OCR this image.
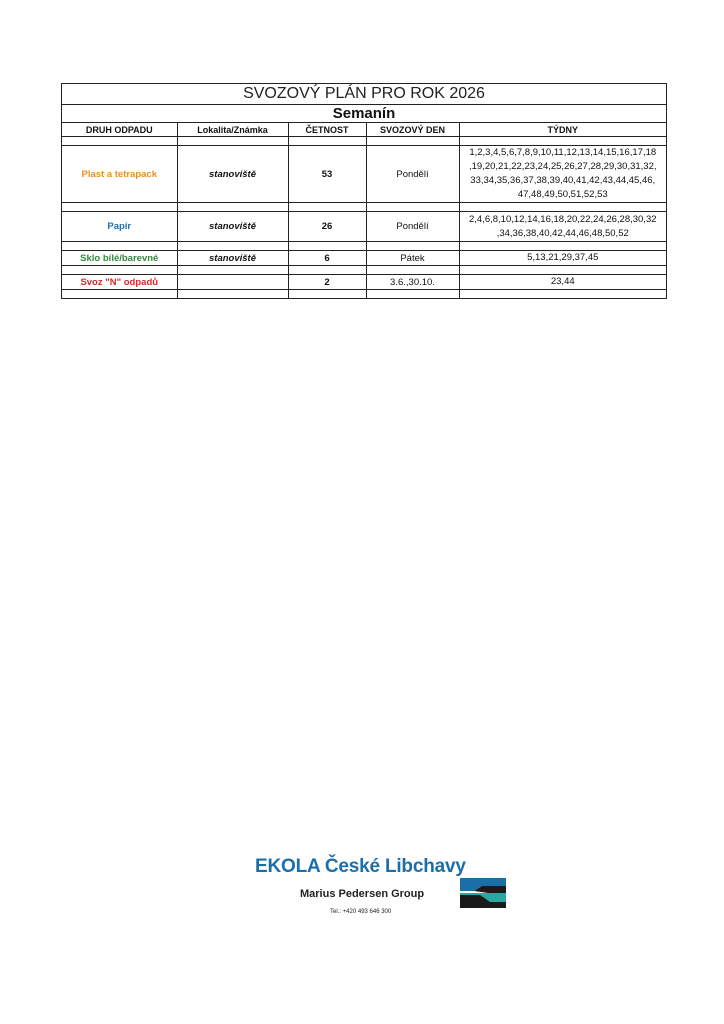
SVOZOVÝ PLÁN PRO ROK 2026
Semanín
DRUH ODPADU	Lokalita/Známka	ČETNOST	SVOZOVÝ DEN	TÝDNY

Plast a tetrapack	stanoviště	53	Pondělí	1,2,3,4,5,6,7,8,9,10,11,12,13,14,15,16,17,18
,19,20,21,22,23,24,25,26,27,28,29,30,31,32,
33,34,35,36,37,38,39,40,41,42,43,44,45,46,
47,48,49,50,51,52,53

Papír	stanoviště	26	Pondělí	2,4,6,8,10,12,14,16,18,20,22,24,26,28,30,32
,34,36,38,40,42,44,46,48,50,52

Sklo bílé/barevné	stanoviště	6	Pátek	5,13,21,29,37,45

Svoz "N" odpadů		2	3.6.,30.10.	23,44

EKOLA České Libchavy
Marius Pedersen Group
Tel.: +420 493 646 300
